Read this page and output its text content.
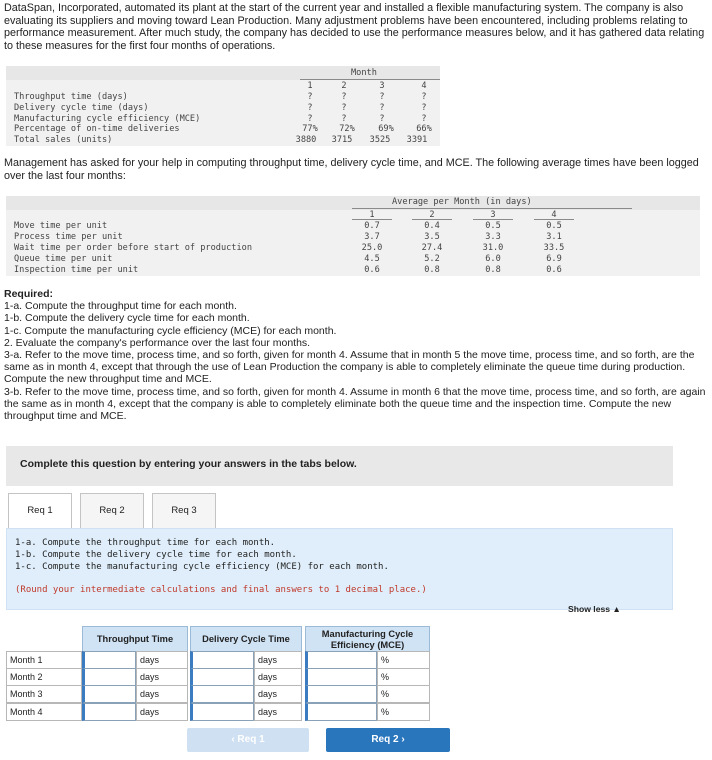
DataSpan, Incorporated, automated its plant at the start of the current year and installed a flexible manufacturing system. The company is also evaluating its suppliers and moving toward Lean Production. Many adjustment problems have been encountered, including problems relating to performance measurement. After much study, the company has decided to use the performance measures below, and it has gathered data relating to these measures for the first four months of operations.
Month
1	2	3	4
Throughput time (days)	?	?	?	?
Delivery cycle time (days)	?	?	?	?
Manufacturing cycle efficiency (MCE)	?	?	?	?
Percentage of on-time deliveries	77%	72%	69%	66%
Total sales (units)	3880	3715	3525	3391
Management has asked for your help in computing throughput time, delivery cycle time, and MCE. The following average times have been logged over the last four months:
Average per Month (in days)
1	2	3	4
Move time per unit	0.7	0.4	0.5	0.5
Process time per unit	3.7	3.5	3.3	3.1
Wait time per order before start of production	25.0	27.4	31.0	33.5
Queue time per unit	4.5	5.2	6.0	6.9
Inspection time per unit	0.6	0.8	0.8	0.6
Required:
1-a. Compute the throughput time for each month.
1-b. Compute the delivery cycle time for each month.
1-c. Compute the manufacturing cycle efficiency (MCE) for each month.
2. Evaluate the company's performance over the last four months.
3-a. Refer to the move time, process time, and so forth, given for month 4. Assume that in month 5 the move time, process time, and so forth, are the same as in month 4, except that through the use of Lean Production the company is able to completely eliminate the queue time during production. Compute the new throughput time and MCE.
3-b. Refer to the move time, process time, and so forth, given for month 4. Assume in month 6 that the move time, process time, and so forth, are again the same as in month 4, except that the company is able to completely eliminate both the queue time and the inspection time. Compute the new throughput time and MCE.
Complete this question by entering your answers in the tabs below.
Req 1	Req 2	Req 3
1-a. Compute the throughput time for each month.
1-b. Compute the delivery cycle time for each month.
1-c. Compute the manufacturing cycle efficiency (MCE) for each month.
(Round your intermediate calculations and final answers to 1 decimal place.)
Show less ▲
Throughput Time	Delivery Cycle Time	Manufacturing Cycle Efficiency (MCE)
Month 1	days	days	%
Month 2	days	days	%
Month 3	days	days	%
Month 4	days	days	%
‹ Req 1	Req 2 ›
